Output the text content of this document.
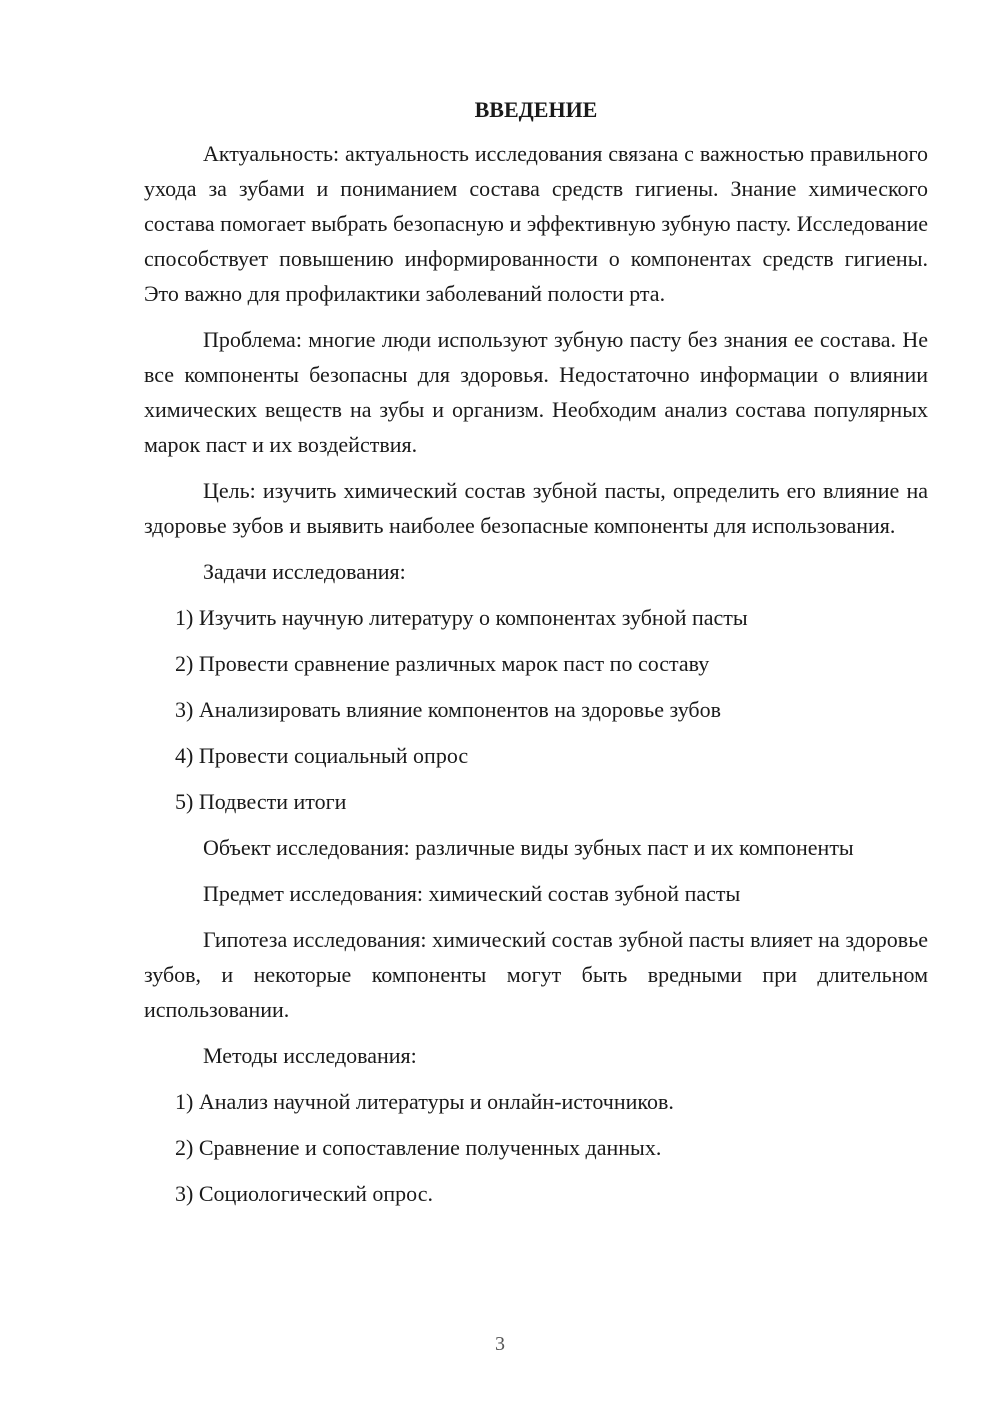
ВВЕДЕНИЕ

Актуальность: актуальность исследования связана с важностью правильного ухода за зубами и пониманием состава средств гигиены. Знание химического состава помогает выбрать безопасную и эффективную зубную пасту. Исследование способствует повышению информированности о компонентах средств гигиены. Это важно для профилактики заболеваний полости рта.

Проблема: многие люди используют зубную пасту без знания ее состава. Не все компоненты безопасны для здоровья. Недостаточно информации о влиянии химических веществ на зубы и организм. Необходим анализ состава популярных марок паст и их воздействия.

Цель: изучить химический состав зубной пасты, определить его влияние на здоровье зубов и выявить наиболее безопасные компоненты для использования.

Задачи исследования:

1) Изучить научную литературу о компонентах зубной пасты

2) Провести сравнение различных марок паст по составу

3) Анализировать влияние компонентов на здоровье зубов

4) Провести социальный опрос

5) Подвести итоги

Объект исследования: различные виды зубных паст и их компоненты

Предмет исследования: химический состав зубной пасты

Гипотеза исследования: химический состав зубной пасты влияет на здоровье зубов, и некоторые компоненты могут быть вредными при длительном использовании.

Методы исследования:

1) Анализ научной литературы и онлайн-источников.

2) Сравнение и сопоставление полученных данных.

3) Социологический опрос.

3
